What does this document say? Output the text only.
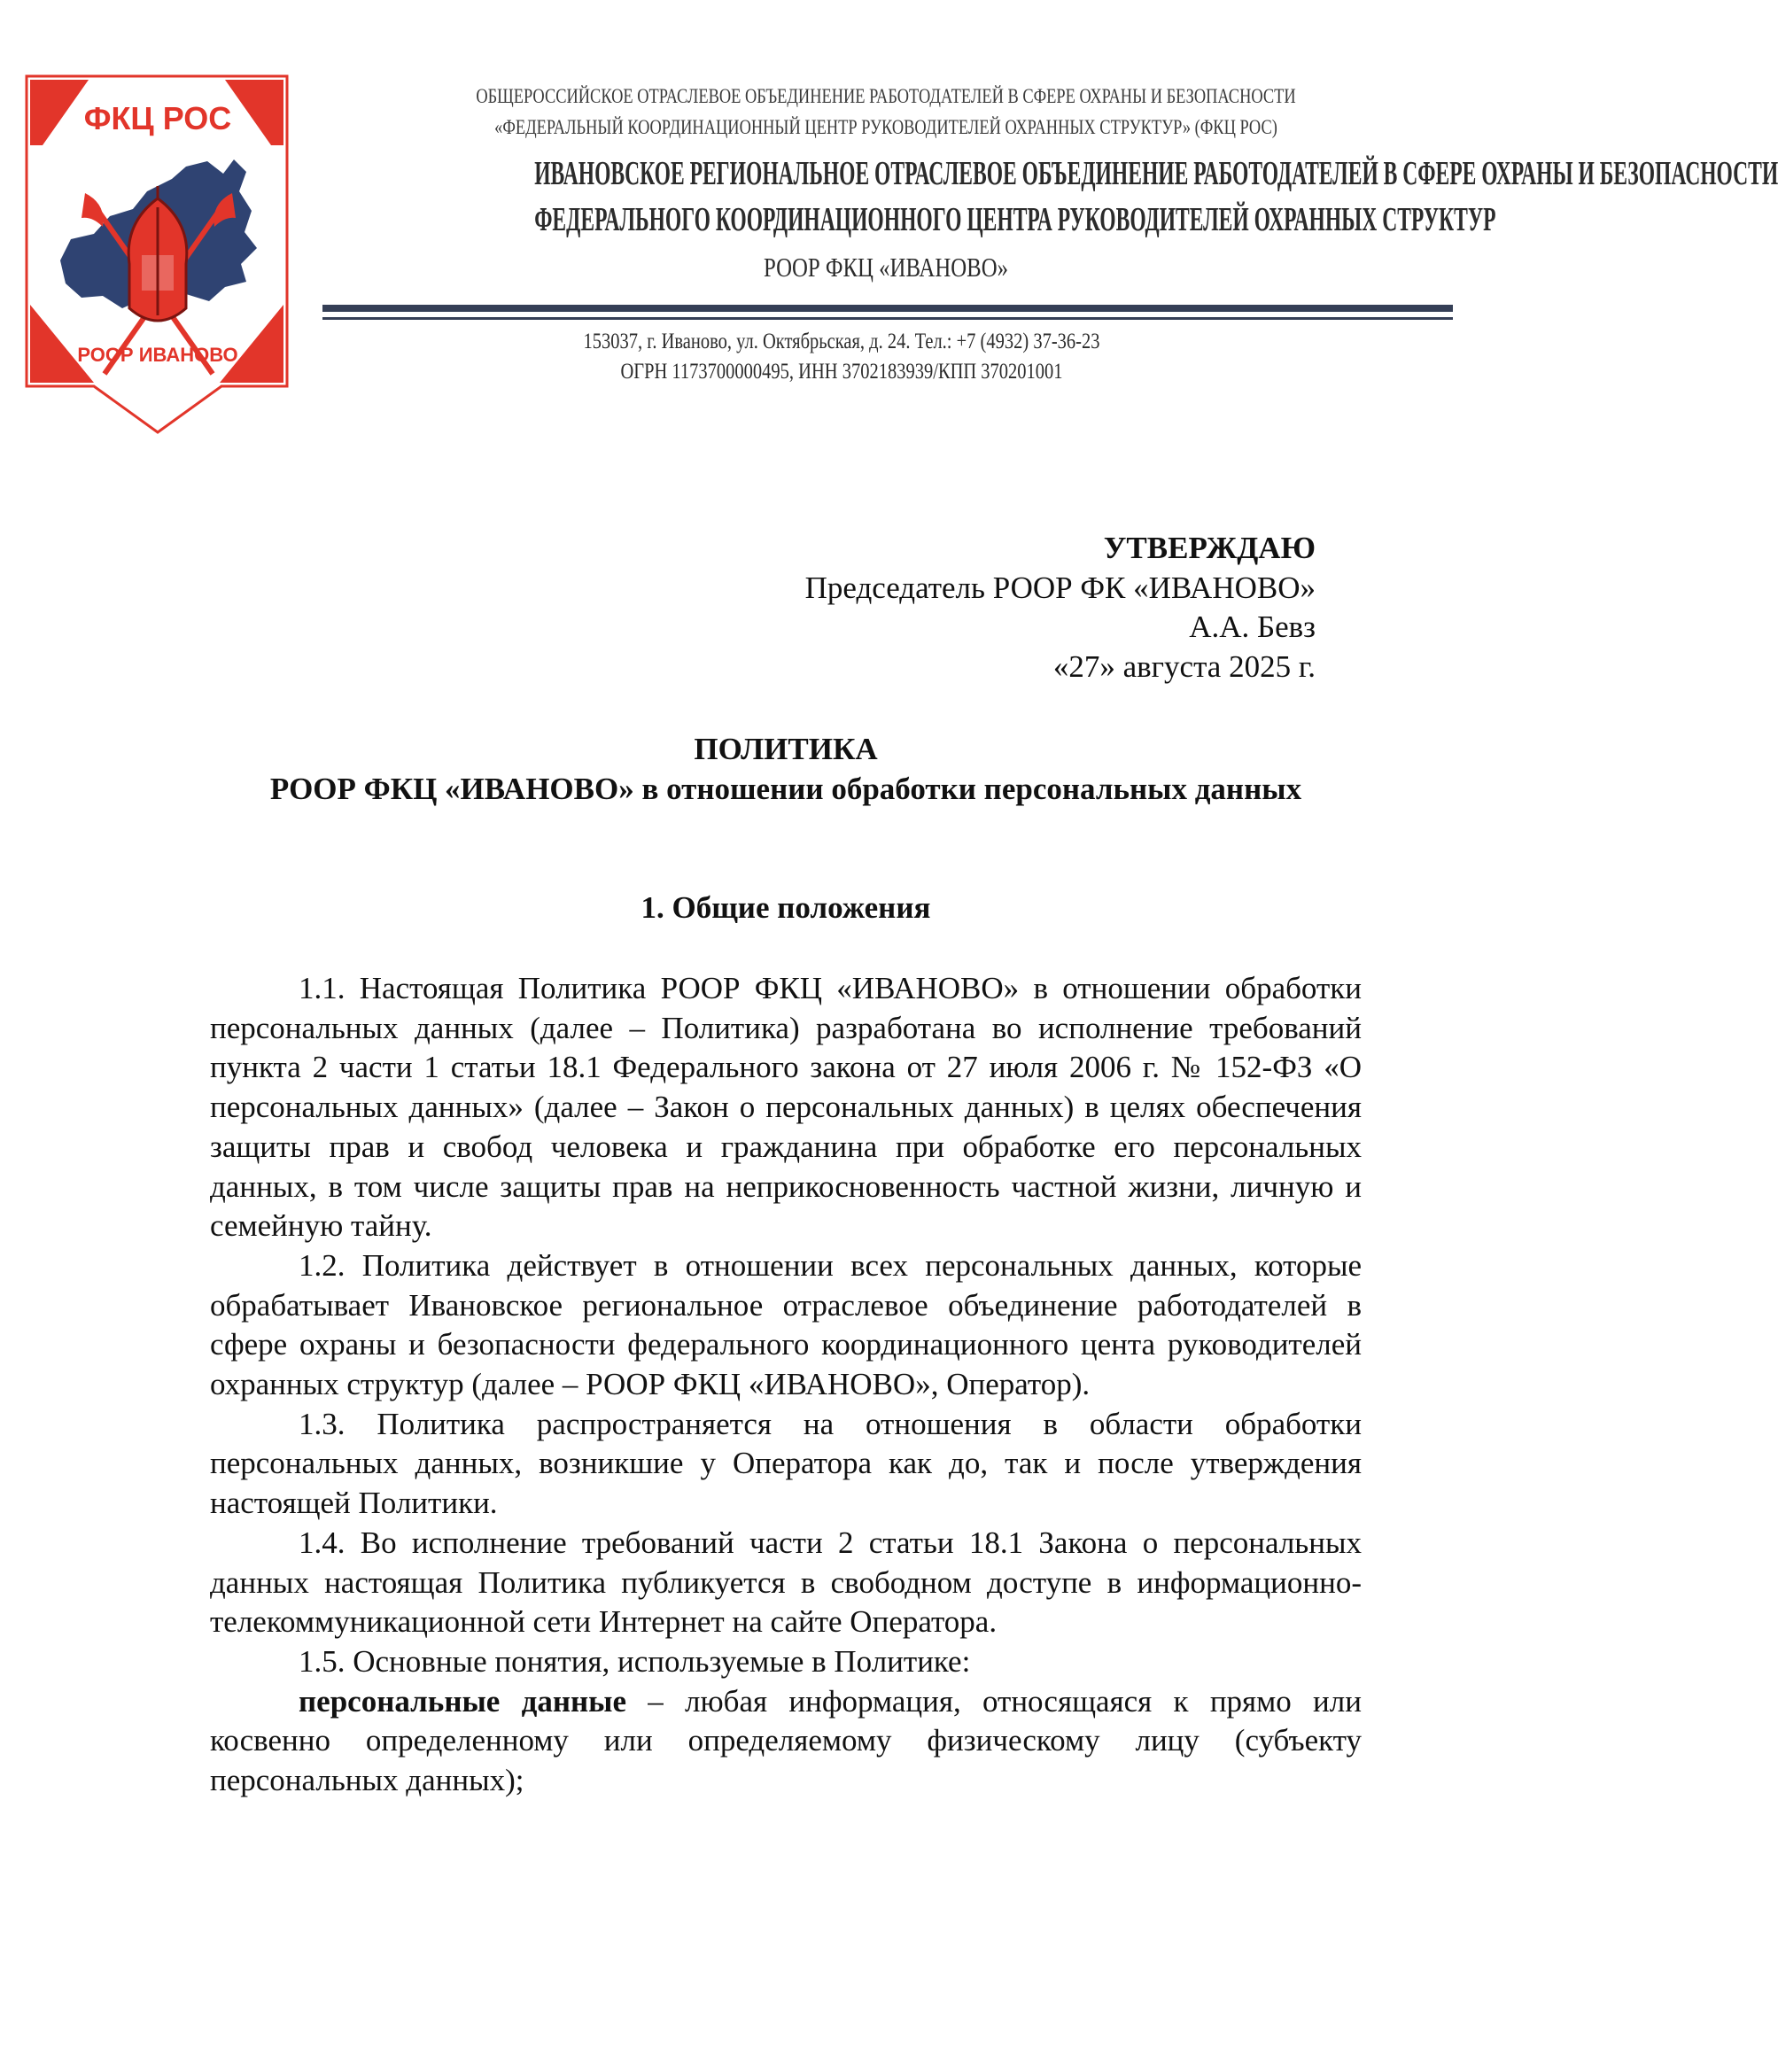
ФКЦ РОС
РООР ИВАНОВО
ОБЩЕРОССИЙСКОЕ ОТРАСЛЕВОЕ ОБЪЕДИНЕНИЕ РАБОТОДАТЕЛЕЙ В СФЕРЕ ОХРАНЫ И БЕЗОПАСНОСТИ
«ФЕДЕРАЛЬНЫЙ КООРДИНАЦИОННЫЙ ЦЕНТР РУКОВОДИТЕЛЕЙ ОХРАННЫХ СТРУКТУР» (ФКЦ РОС)
ИВАНОВСКОЕ РЕГИОНАЛЬНОЕ ОТРАСЛЕВОЕ ОБЪЕДИНЕНИЕ РАБОТОДАТЕЛЕЙ В СФЕРЕ ОХРАНЫ И БЕЗОПАСНОСТИ
ФЕДЕРАЛЬНОГО КООРДИНАЦИОННОГО ЦЕНТРА РУКОВОДИТЕЛЕЙ ОХРАННЫХ СТРУКТУР
РООР ФКЦ «ИВАНОВО»
153037, г. Иваново, ул. Октябрьская, д. 24. Тел.: +7 (4932) 37-36-23
ОГРН 1173700000495, ИНН 3702183939/КПП 370201001
УТВЕРЖДАЮ
Председатель РООР ФК «ИВАНОВО»
А.А. Бевз
«27» августа 2025 г.
ПОЛИТИКА
РООР ФКЦ «ИВАНОВО» в отношении обработки персональных данных
1. Общие положения

1.1. Настоящая Политика РООР ФКЦ «ИВАНОВО» в отношении обработки персональных данных (далее – Политика) разработана во исполнение требований пункта 2 части 1 статьи 18.1 Федерального закона от 27 июля 2006 г. № 152-ФЗ «О персональных данных» (далее – Закон о персональных данных) в целях обеспечения защиты прав и свобод человека и гражданина при обработке его персональных данных, в том числе защиты прав на неприкосновенность частной жизни, личную и семейную тайну.

1.2. Политика действует в отношении всех персональных данных, которые обрабатывает Ивановское региональное отраслевое объединение работодателей в сфере охраны и безопасности федерального координационного цента руководителей охранных структур (далее – РООР ФКЦ «ИВАНОВО», Оператор).

1.3. Политика распространяется на отношения в области обработки персональных данных, возникшие у Оператора как до, так и после утверждения настоящей Политики.

1.4. Во исполнение требований части 2 статьи 18.1 Закона о персональных данных настоящая Политика публикуется в свободном доступе в информационно-телекоммуникационной сети Интернет на сайте Оператора.

1.5. Основные понятия, используемые в Политике:

персональные данные – любая информация, относящаяся к прямо или косвенно определенному или определяемому физическому лицу (субъекту персональных данных);
